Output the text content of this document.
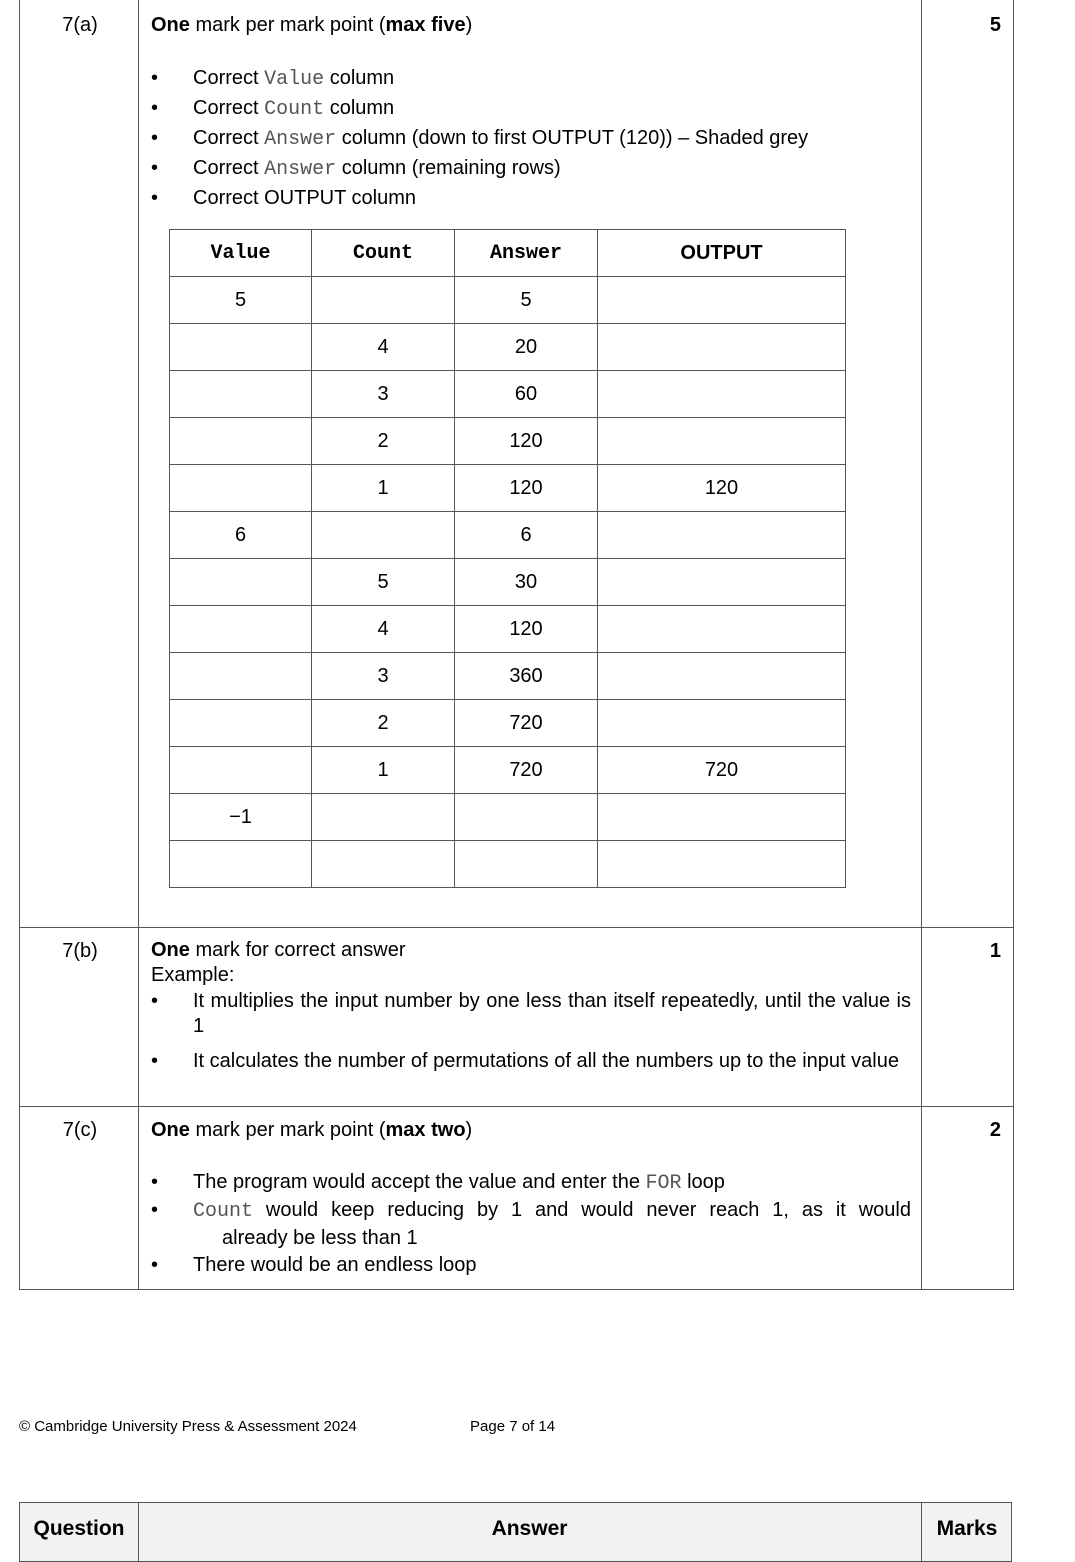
7(a)	5
One mark per mark point (max five)
• Correct Value column
• Correct Count column
• Correct Answer column (down to first OUTPUT (120)) – Shaded grey
• Correct Answer column (remaining rows)
• Correct OUTPUT column
Value	Count	Answer	OUTPUT
5		5	
	4	20	
	3	60	
	2	120	
	1	120	120
6		6	
	5	30	
	4	120	
	3	360	
	2	720	
	1	720	720
−1			

7(b)	1
One mark for correct answer
Example:
• It multiplies the input number by one less than itself repeatedly, until the value is 1
• It calculates the number of permutations of all the numbers up to the input value
7(c)	2
One mark per mark point (max two)
• The program would accept the value and enter the FOR loop
• Count would keep reducing by 1 and would never reach 1, as it would
already be less than 1
• There would be an endless loop
© Cambridge University Press & Assessment 2024	Page 7 of 14
Question	Answer	Marks
